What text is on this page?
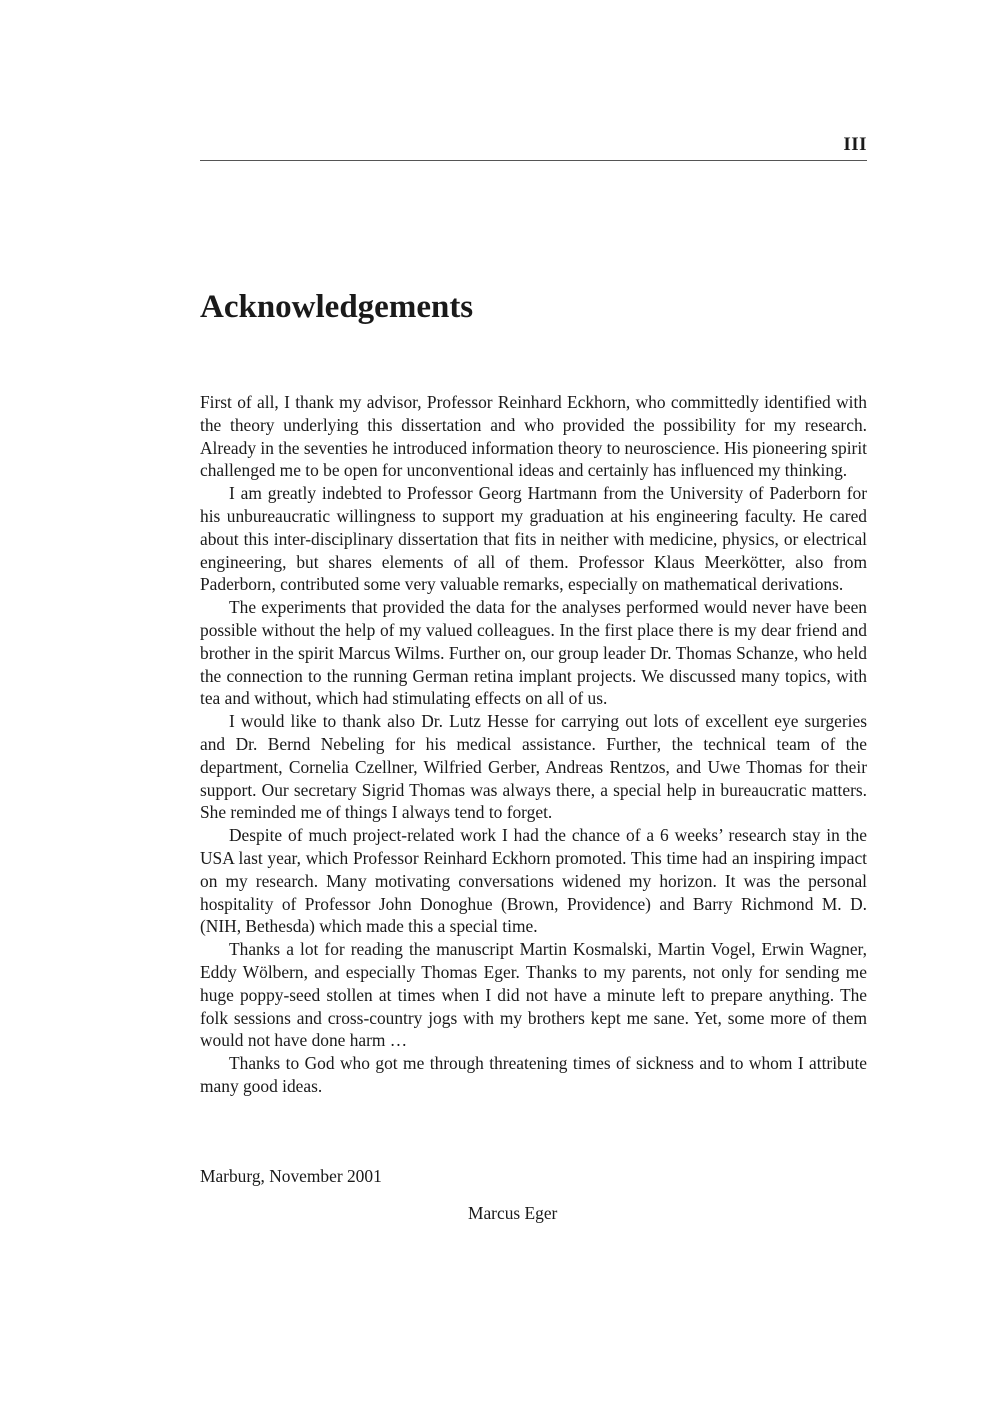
III
Acknowledgements

First of all, I thank my advisor, Professor Reinhard Eckhorn, who committedly identified with the theory underlying this dissertation and who provided the possibility for my research. Already in the seventies he introduced information theory to neuroscience. His pioneering spirit challenged me to be open for unconventional ideas and certainly has influenced my thinking.

I am greatly indebted to Professor Georg Hartmann from the University of Paderborn for his unbureaucratic willingness to support my graduation at his engineering faculty. He cared about this inter-disciplinary dissertation that fits in neither with medicine, physics, or electrical engineering, but shares elements of all of them. Professor Klaus Meerkötter, also from Paderborn, contributed some very valuable remarks, especially on mathematical derivations.

The experiments that provided the data for the analyses performed would never have been possible without the help of my valued colleagues. In the first place there is my dear friend and brother in the spirit Marcus Wilms. Further on, our group leader Dr. Thomas Schanze, who held the connection to the running German retina implant projects. We discussed many topics, with tea and without, which had stimulating effects on all of us.

I would like to thank also Dr. Lutz Hesse for carrying out lots of excellent eye surgeries and Dr. Bernd Nebeling for his medical assistance. Further, the technical team of the department, Cornelia Czellner, Wilfried Gerber, Andreas Rentzos, and Uwe Thomas for their support. Our secretary Sigrid Thomas was always there, a special help in bureaucratic matters. She reminded me of things I always tend to forget.

Despite of much project-related work I had the chance of a 6 weeks’ research stay in the USA last year, which Professor Reinhard Eckhorn promoted. This time had an inspiring impact on my research. Many motivating conversations widened my horizon. It was the personal hospitality of Professor John Donoghue (Brown, Providence) and Barry Richmond M. D. (NIH, Bethesda) which made this a special time.

Thanks a lot for reading the manuscript Martin Kosmalski, Martin Vogel, Erwin Wagner, Eddy Wölbern, and especially Thomas Eger. Thanks to my parents, not only for sending me huge poppy-seed stollen at times when I did not have a minute left to prepare anything. The folk sessions and cross-country jogs with my brothers kept me sane. Yet, some more of them would not have done harm …

Thanks to God who got me through threatening times of sickness and to whom I attribute many good ideas.

Marburg, November 2001

Marcus Eger
